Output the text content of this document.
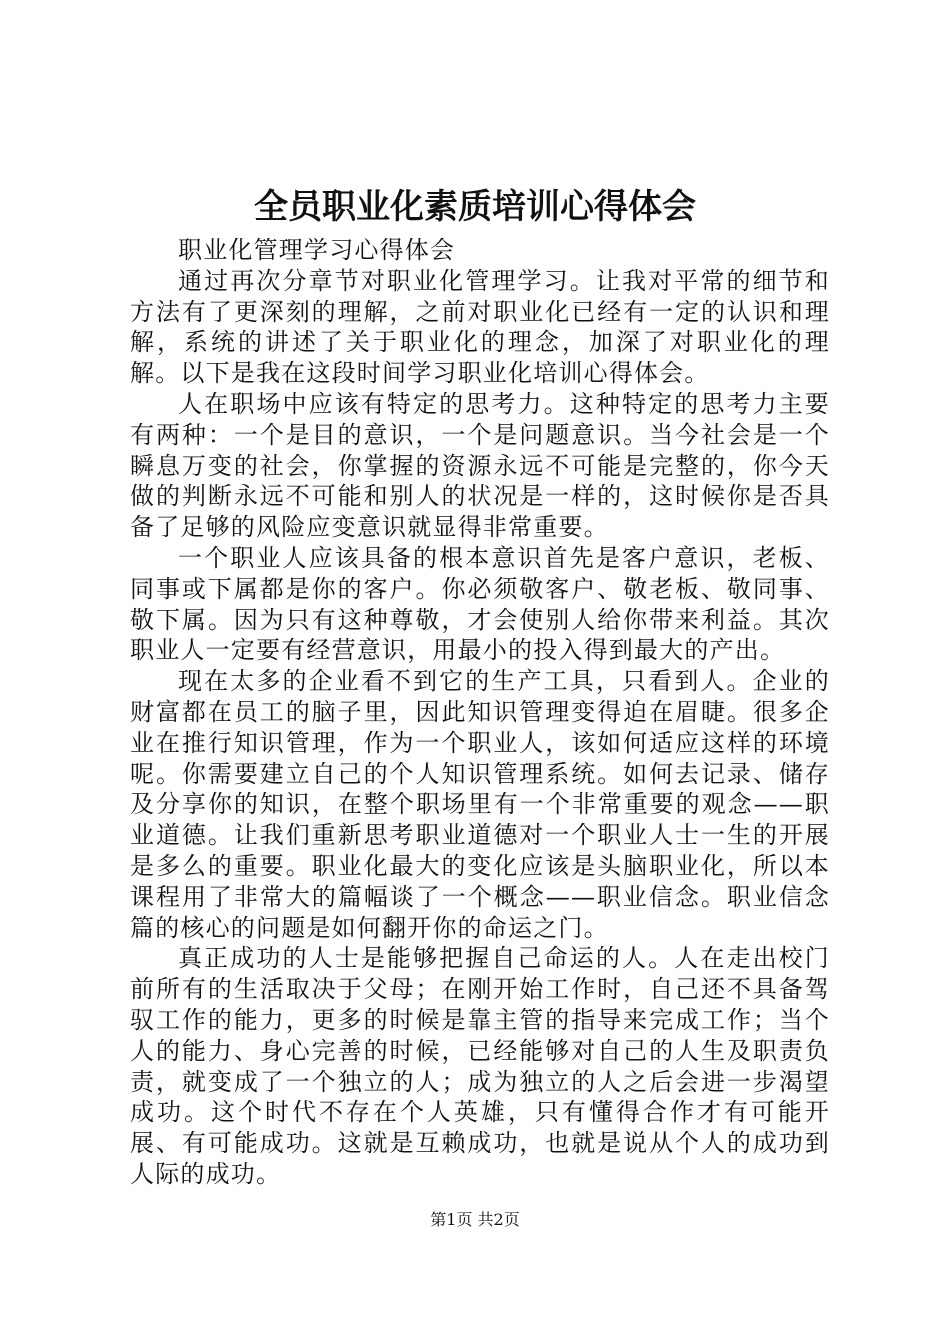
全员职业化素质培训心得体会

职业化管理学习心得体会

通过再次分章节对职业化管理学习。让我对平常的细节和方法有了更深刻的理解，之前对职业化已经有一定的认识和理解，系统的讲述了关于职业化的理念，加深了对职业化的理解。以下是我在这段时间学习职业化培训心得体会。

人在职场中应该有特定的思考力。这种特定的思考力主要有两种：一个是目的意识，一个是问题意识。当今社会是一个瞬息万变的社会，你掌握的资源永远不可能是完整的，你今天做的判断永远不可能和别人的状况是一样的，这时候你是否具备了足够的风险应变意识就显得非常重要。

一个职业人应该具备的根本意识首先是客户意识，老板、同事或下属都是你的客户。你必须敬客户、敬老板、敬同事、敬下属。因为只有这种尊敬，才会使别人给你带来利益。其次职业人一定要有经营意识，用最小的投入得到最大的产出。

现在太多的企业看不到它的生产工具，只看到人。企业的财富都在员工的脑子里，因此知识管理变得迫在眉睫。很多企业在推行知识管理，作为一个职业人，该如何适应这样的环境呢。你需要建立自己的个人知识管理系统。如何去记录、储存及分享你的知识，在整个职场里有一个非常重要的观念——职业道德。让我们重新思考职业道德对一个职业人士一生的开展是多么的重要。职业化最大的变化应该是头脑职业化，所以本课程用了非常大的篇幅谈了一个概念——职业信念。职业信念篇的核心的问题是如何翻开你的命运之门。

真正成功的人士是能够把握自己命运的人。人在走出校门前所有的生活取决于父母；在刚开始工作时，自己还不具备驾驭工作的能力，更多的时候是靠主管的指导来完成工作；当个人的能力、身心完善的时候，已经能够对自己的人生及职责负责，就变成了一个独立的人；成为独立的人之后会进一步渴望成功。这个时代不存在个人英雄，只有懂得合作才有可能开展、有可能成功。这就是互赖成功，也就是说从个人的成功到人际的成功。

第1页 共2页
